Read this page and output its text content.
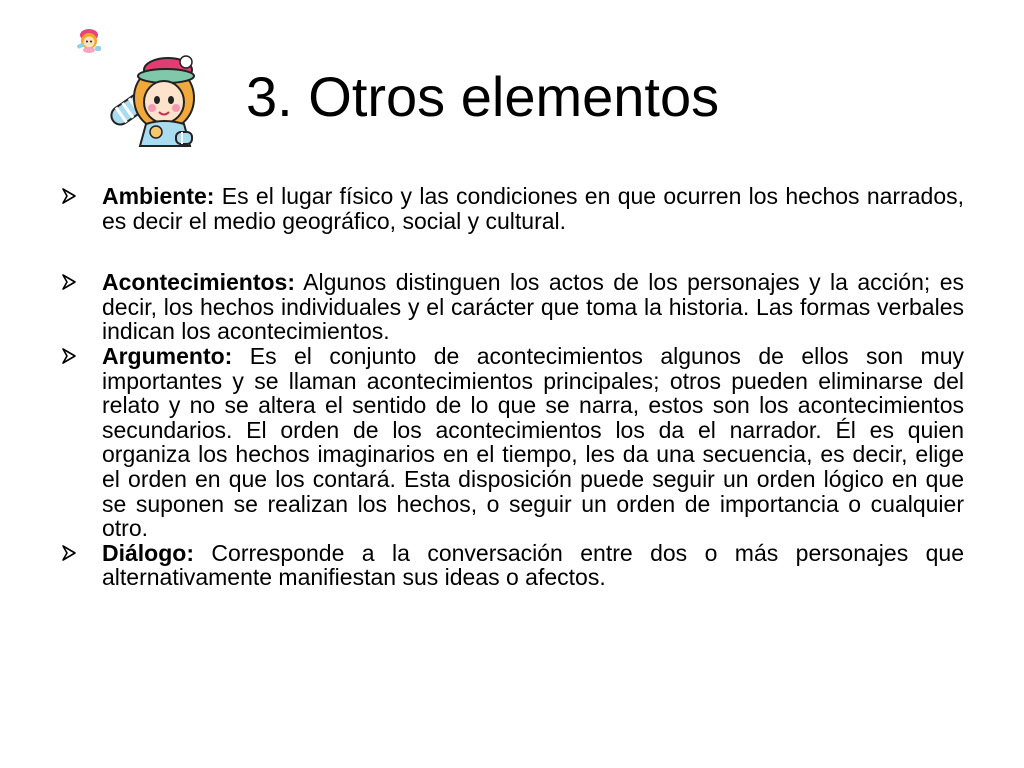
3. Otros elementos
Ambiente: Es el lugar físico y las condiciones en que ocurren los hechos narrados, es decir el medio geográfico, social y cultural.
Acontecimientos: Algunos distinguen los actos de los personajes y la acción; es decir, los hechos individuales y el carácter que toma la historia. Las formas verbales indican los acontecimientos.
Argumento: Es el conjunto de acontecimientos algunos de ellos son muy importantes y se llaman acontecimientos principales; otros pueden eliminarse del relato y no se altera el sentido de lo que se narra, estos son los acontecimientos secundarios. El orden de los acontecimientos los da el narrador. Él es quien organiza los hechos imaginarios en el tiempo, les da una secuencia, es decir, elige el orden en que los contará. Esta disposición puede seguir un orden lógico en que se suponen se realizan los hechos, o seguir un orden de importancia o cualquier otro.
Diálogo: Corresponde a la conversación entre dos o más personajes que alternativamente manifiestan sus ideas o afectos.
